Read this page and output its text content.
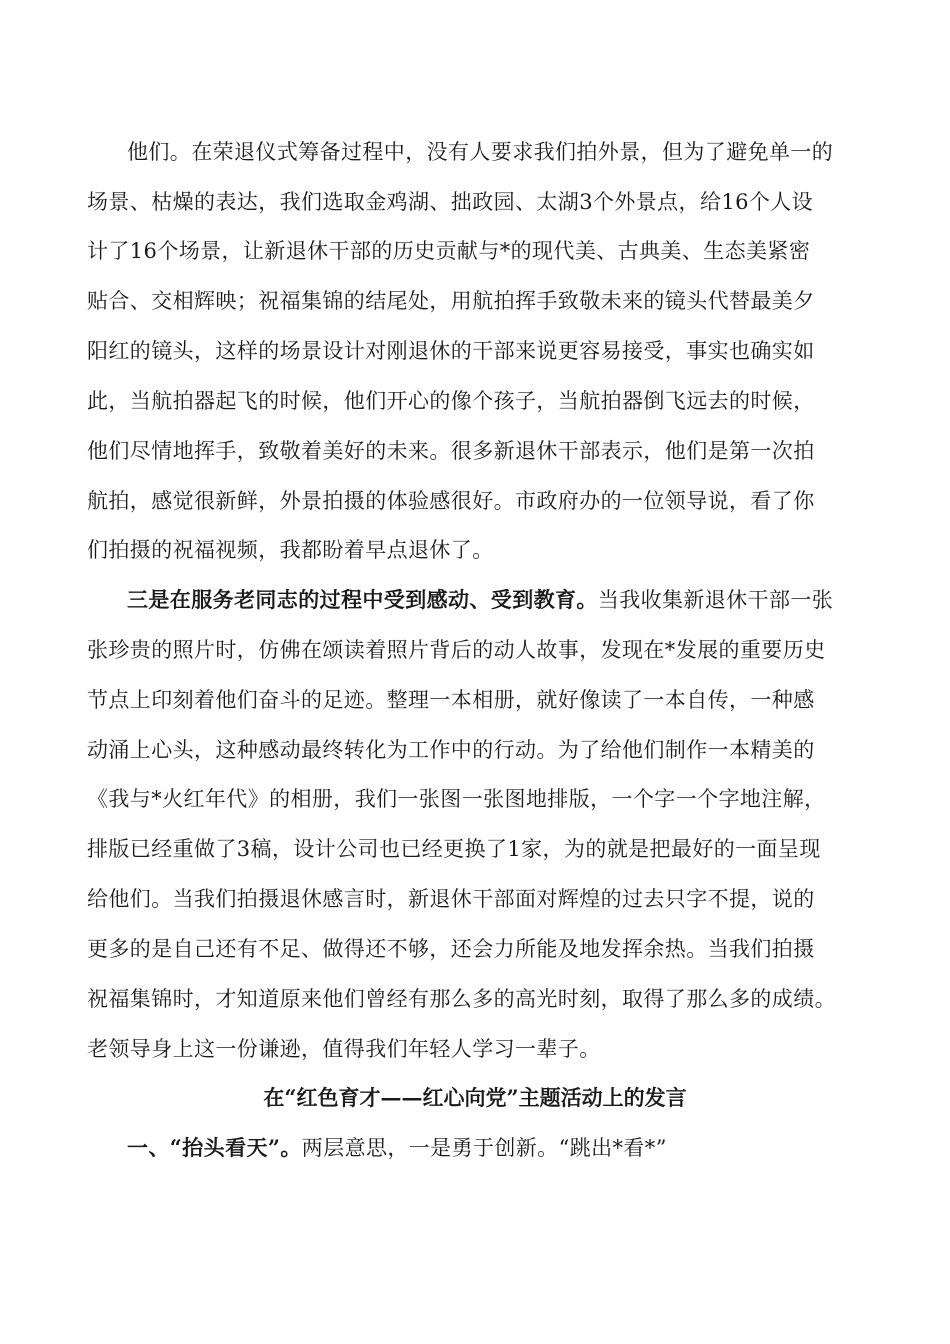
他们。在荣退仪式筹备过程中，没有人要求我们拍外景，但为了避免单一的
场景、枯燥的表达，我们选取金鸡湖、拙政园、太湖3个外景点，给16个人设
计了16个场景，让新退休干部的历史贡献与*的现代美、古典美、生态美紧密
贴合、交相辉映；祝福集锦的结尾处，用航拍挥手致敬未来的镜头代替最美夕
阳红的镜头，这样的场景设计对刚退休的干部来说更容易接受，事实也确实如
此，当航拍器起飞的时候，他们开心的像个孩子，当航拍器倒飞远去的时候，
他们尽情地挥手，致敬着美好的未来。很多新退休干部表示，他们是第一次拍
航拍，感觉很新鲜，外景拍摄的体验感很好。市政府办的一位领导说，看了你
们拍摄的祝福视频，我都盼着早点退休了。
三是在服务老同志的过程中受到感动、受到教育。当我收集新退休干部一张
张珍贵的照片时，仿佛在颂读着照片背后的动人故事，发现在*发展的重要历史
节点上印刻着他们奋斗的足迹。整理一本相册，就好像读了一本自传，一种感
动涌上心头，这种感动最终转化为工作中的行动。为了给他们制作一本精美的
《我与*火红年代》的相册，我们一张图一张图地排版，一个字一个字地注解，
排版已经重做了3稿，设计公司也已经更换了1家，为的就是把最好的一面呈现
给他们。当我们拍摄退休感言时，新退休干部面对辉煌的过去只字不提，说的
更多的是自己还有不足、做得还不够，还会力所能及地发挥余热。当我们拍摄
祝福集锦时，才知道原来他们曾经有那么多的高光时刻，取得了那么多的成绩。
老领导身上这一份谦逊，值得我们年轻人学习一辈子。
在“红色育才——红心向党”主题活动上的发言
一、“抬头看天”。两层意思，一是勇于创新。“跳出*看*”
